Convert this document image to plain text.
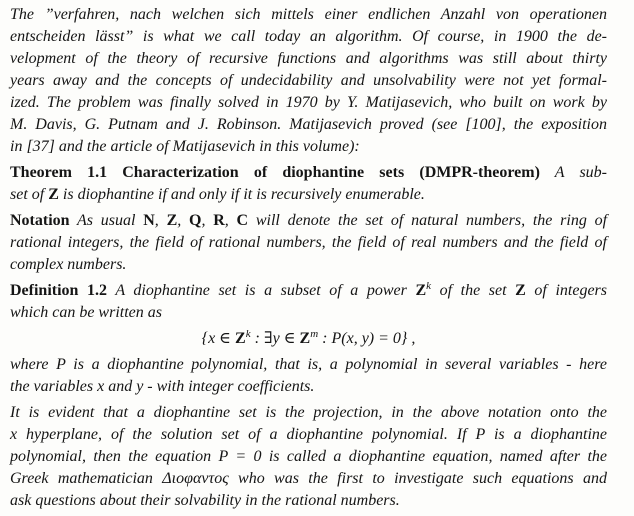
The ”verfahren, nach welchen sich mittels einer endlichen Anzahl von operationen
entscheiden lässt” is what we call today an algorithm. Of course, in 1900 the de-
velopment of the theory of recursive functions and algorithms was still about thirty
years away and the concepts of undecidability and unsolvability were not yet formal-
ized. The problem was finally solved in 1970 by Y. Matijasevich, who built on work by
M. Davis, G. Putnam and J. Robinson. Matijasevich proved (see [100], the exposition
in [37] and the article of Matijasevich in this volume):
Theorem 1.1 Characterization of diophantine sets (DMPR-theorem) A sub-
set of Z is diophantine if and only if it is recursively enumerable.
Notation As usual N, Z, Q, R, C will denote the set of natural numbers, the ring of
rational integers, the field of rational numbers, the field of real numbers and the field of
complex numbers.
Definition 1.2 A diophantine set is a subset of a power $Z^k$ of the set Z of integers
which can be written as
{x ∈ $Z^k$ : ∃y ∈ $Z^m$ : P(x, y) = 0} ,
where P is a diophantine polynomial, that is, a polynomial in several variables - here
the variables x and y - with integer coefficients.
It is evident that a diophantine set is the projection, in the above notation onto the
x hyperplane, of the solution set of a diophantine polynomial. If P is a diophantine
polynomial, then the equation P = 0 is called a diophantine equation, named after the
Greek mathematician Διοφαντος who was the first to investigate such equations and
ask questions about their solvability in the rational numbers.
